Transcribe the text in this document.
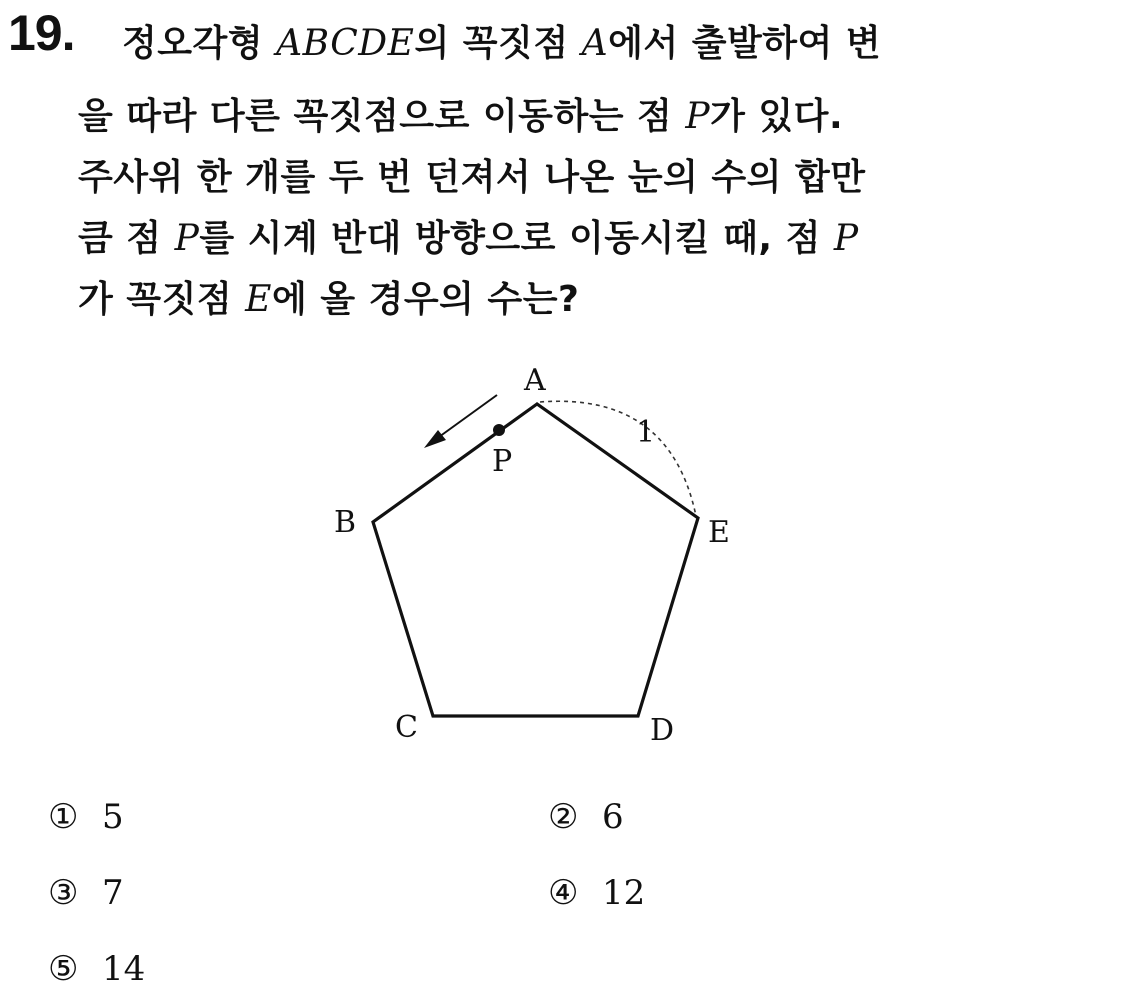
19. 정오각형 ABCDE의 꼭짓점 A에서 출발하여 변
을 따라 다른 꼭짓점으로 이동하는 점 P가 있다.
주사위 한 개를 두 번 던져서 나온 눈의 수의 합만
큼 점 P를 시계 반대 방향으로 이동시킬 때, 점 P
가 꼭짓점 E에 올 경우의 수는?
A
B
C	D
E
P
1
① 5	② 6
③ 7	④ 12
⑤ 14
